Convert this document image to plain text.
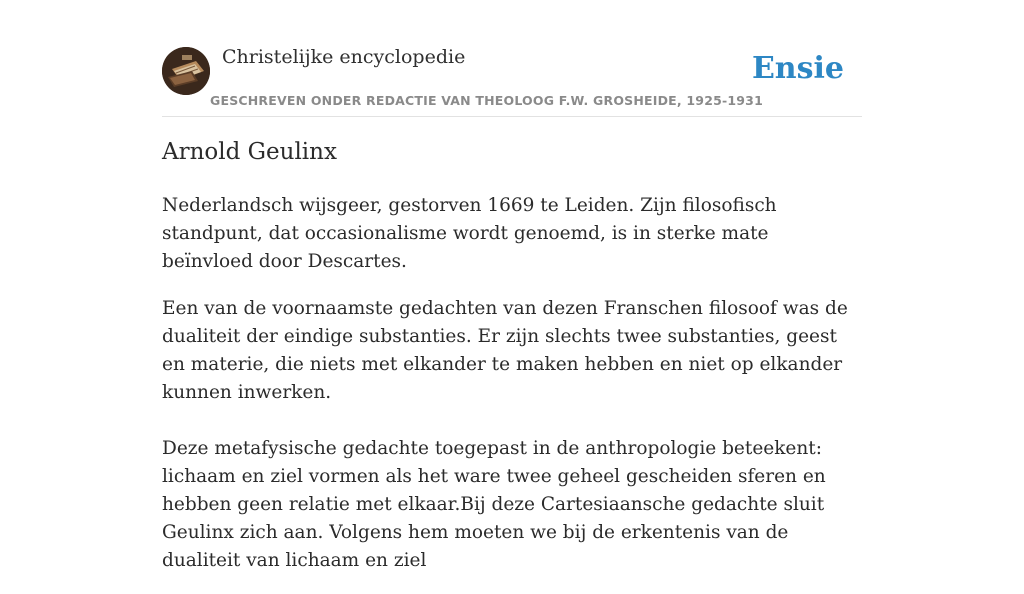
Christelijke encyclopedie
GESCHREVEN ONDER REDACTIE VAN THEOLOOG F.W. GROSHEIDE, 1925-1931
Ensie
Arnold Geulinx

Nederlandsch wijsgeer, gestorven 1669 te Leiden. Zijn filosofisch standpunt, dat occasionalisme wordt genoemd, is in sterke mate beïnvloed door Descartes.

Een van de voornaamste gedachten van dezen Franschen filosoof was de dualiteit der eindige substanties. Er zijn slechts twee substanties, geest en materie, die niets met elkander te maken hebben en niet op elkander kunnen inwerken.

Deze metafysische gedachte toegepast in de anthropologie beteekent: lichaam en ziel vormen als het ware twee geheel gescheiden sferen en hebben geen relatie met elkaar.Bij deze Cartesiaansche gedachte sluit Geulinx zich aan. Volgens hem moeten we bij de erkentenis van de dualiteit van lichaam en ziel
